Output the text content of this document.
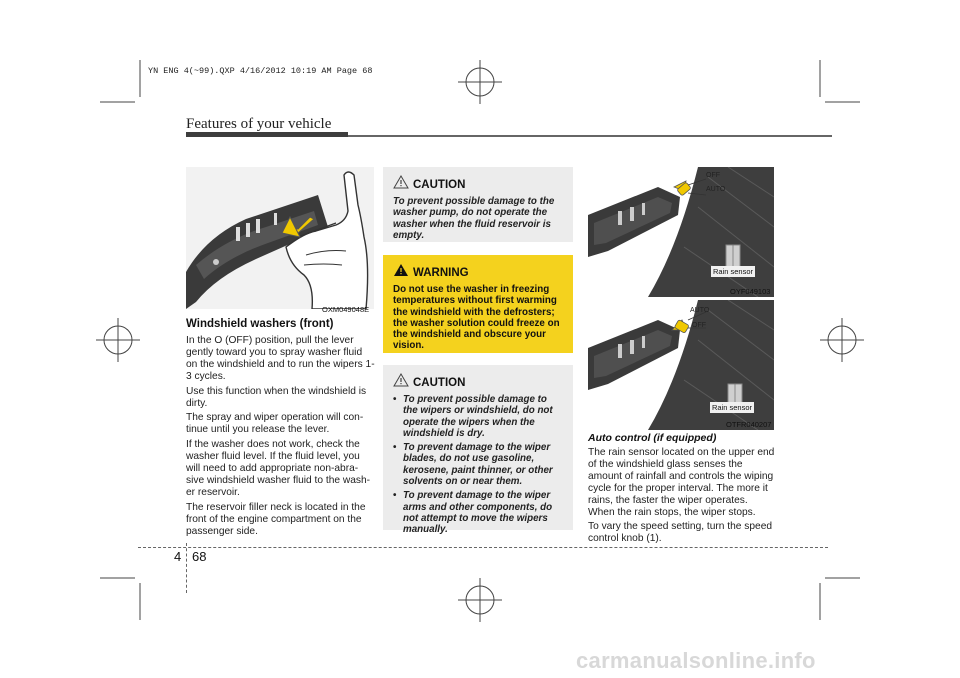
YN ENG 4(~99).QXP 4/16/2012 10:19 AM Page 68
Features of your vehicle
OXM049048E
Windshield washers (front)

In the O (OFF) position, pull the lever gently toward you to spray washer fluid on the windshield and to run the wipers 1-3 cycles.

Use this function when the windshield is dirty.

The spray and wiper operation will con-tinue until you release the lever.

If the washer does not work, check the washer fluid level. If the fluid level, you will need to add appropriate non-abra-sive windshield washer fluid to the wash-er reservoir.

The reservoir filler neck is located in the front of the engine compartment on the passenger side.

CAUTION
To prevent possible damage to the washer pump, do not operate the washer when the fluid reservoir is empty.
WARNING
Do not use the washer in freezing temperatures without first warming the windshield with the defrosters; the washer solution could freeze on the windshield and obscure your vision.
CAUTION
• To prevent possible damage to the wipers or windshield, do not operate the wipers when the windshield is dry.
• To prevent damage to the wiper blades, do not use gasoline, kerosene, paint thinner, or other solvents on or near them.
• To prevent damage to the wiper arms and other components, do not attempt to move the wipers manually.
OFF
AUTO
Rain sensor
OYF049103
AUTO
OFF
Rain sensor
OTFR040207
Auto control (if equipped)

The rain sensor located on the upper end of the windshield glass senses the amount of rainfall and controls the wiping cycle for the proper interval. The more it rains, the faster the wiper operates. When the rain stops, the wiper stops.

To vary the speed setting, turn the speed control knob (1).

4 68
carmanualsonline.info
